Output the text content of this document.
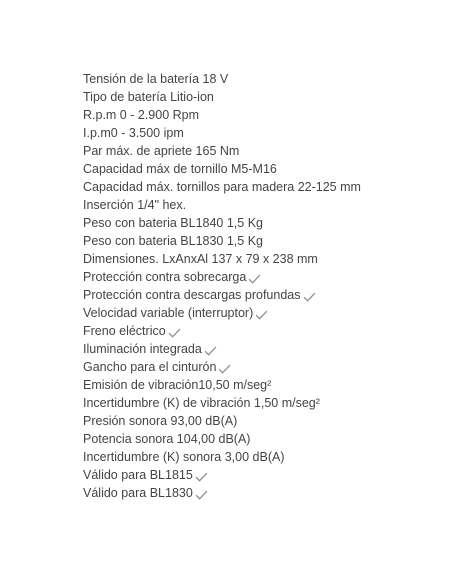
Tensión de la batería 18 V
Tipo de batería Litio-ion
R.p.m 0 - 2.900 Rpm
I.p.m0 - 3.500 ipm
Par máx. de apriete 165 Nm
Capacidad máx de tornillo M5-M16
Capacidad máx. tornillos para madera 22-125 mm
Inserción 1/4" hex.
Peso con bateria BL1840 1,5 Kg
Peso con bateria BL1830 1,5 Kg
Dimensiones. LxAnxAl 137 x 79 x 238 mm
Protección contra sobrecarga
Protección contra descargas profundas
Velocidad variable (interruptor)
Freno eléctrico
Iluminación integrada
Gancho para el cinturón
Emisión de vibración10,50 m/seg²
Incertidumbre (K) de vibración 1,50 m/seg²
Presión sonora 93,00 dB(A)
Potencia sonora 104,00 dB(A)
Incertidumbre (K) sonora 3,00 dB(A)
Válido para BL1815
Válido para BL1830
